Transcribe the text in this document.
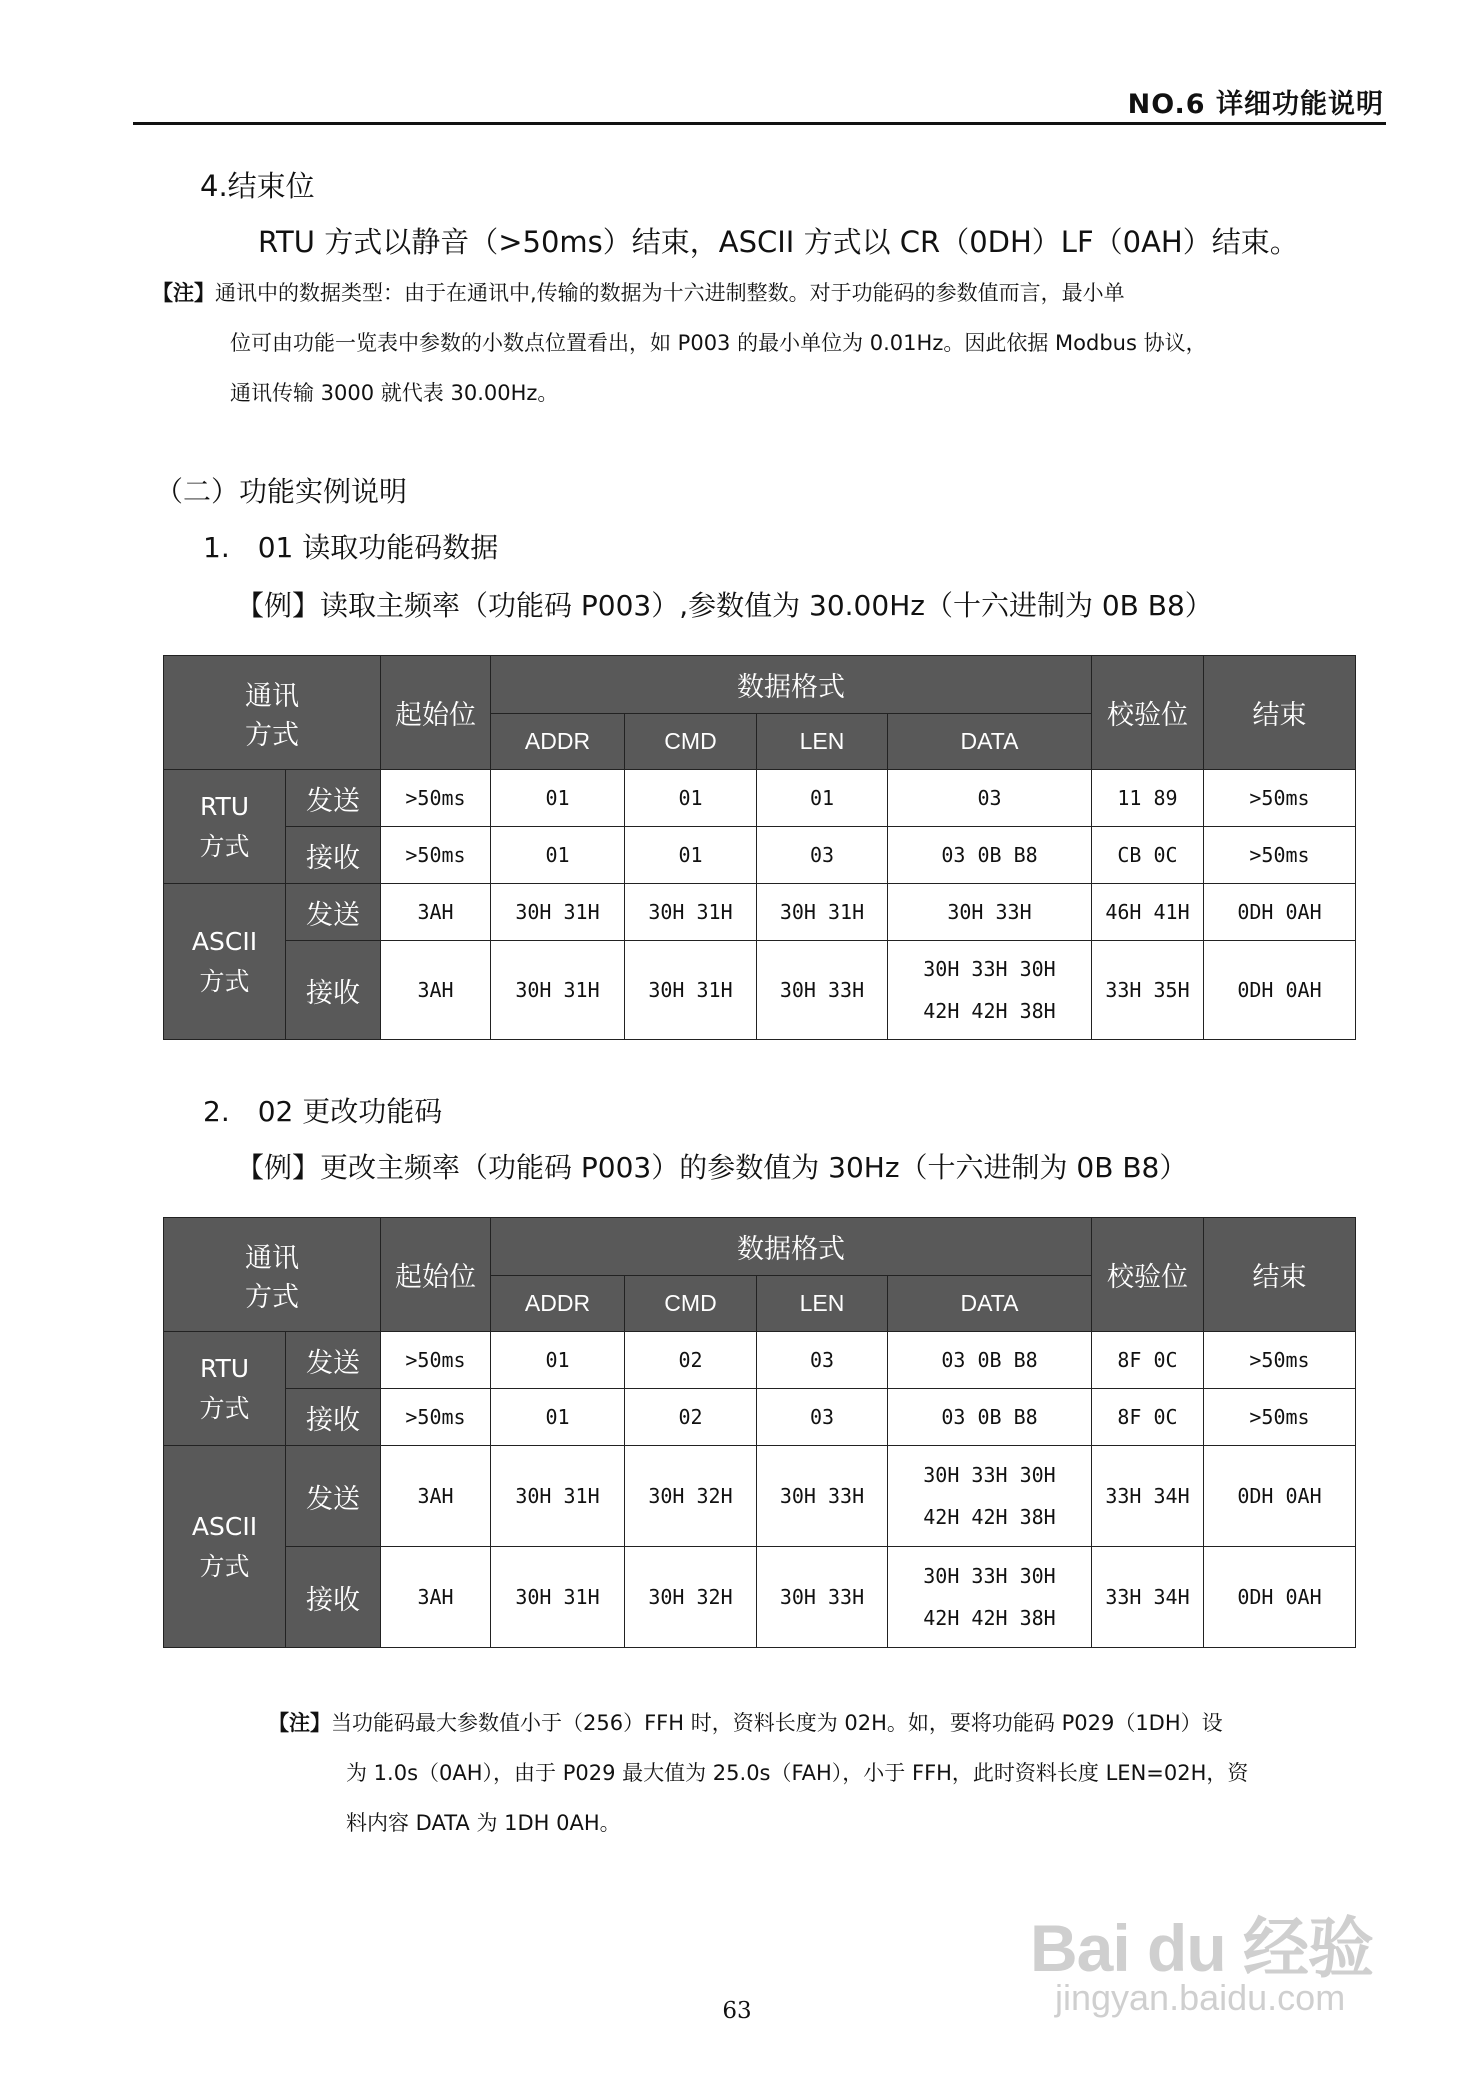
NO.6 详细功能说明
4.结束位
RTU 方式以静音（>50ms）结束，ASCII 方式以 CR（0DH）LF（0AH）结束。
【注】通讯中的数据类型：由于在通讯中,传输的数据为十六进制整数。对于功能码的参数值而言，最小单
位可由功能一览表中参数的小数点位置看出，如 P003 的最小单位为 0.01Hz。因此依据 Modbus 协议，
通讯传输 3000 就代表 30.00Hz。
（二）功能实例说明
1.　01 读取功能码数据
【例】读取主频率（功能码 P003）,参数值为 30.00Hz（十六进制为 0B B8）
通讯
方式		起始位	数据格式				校验位	结束
			ADDR	CMD	LEN	DATA		
RTU
方式	发送	>50ms	01	01	01	03	11 89	>50ms
	接收	>50ms	01	01	03	03 0B B8	CB 0C	>50ms
ASCII
方式	发送	3AH	30H 31H	30H 31H	30H 31H	30H 33H	46H 41H	0DH 0AH
	接收	3AH	30H 31H	30H 31H	30H 33H	30H 33H 30H
42H 42H 38H	33H 35H	0DH 0AH
2.　02 更改功能码
【例】更改主频率（功能码 P003）的参数值为 30Hz（十六进制为 0B B8）
通讯
方式		起始位	数据格式				校验位	结束
			ADDR	CMD	LEN	DATA		
RTU
方式	发送	>50ms	01	02	03	03 0B B8	8F 0C	>50ms
	接收	>50ms	01	02	03	03 0B B8	8F 0C	>50ms
ASCII
方式	发送	3AH	30H 31H	30H 32H	30H 33H	30H 33H 30H
42H 42H 38H	33H 34H	0DH 0AH
	接收	3AH	30H 31H	30H 32H	30H 33H	30H 33H 30H
42H 42H 38H	33H 34H	0DH 0AH
【注】当功能码最大参数值小于（256）FFH 时，资料长度为 02H。如，要将功能码 P029（1DH）设
为 1.0s（0AH），由于 P029 最大值为 25.0s（FAH），小于 FFH，此时资料长度 LEN=02H，资
料内容 DATA 为 1DH 0AH。
Bai du 经验
jingyan.baidu.com
63
